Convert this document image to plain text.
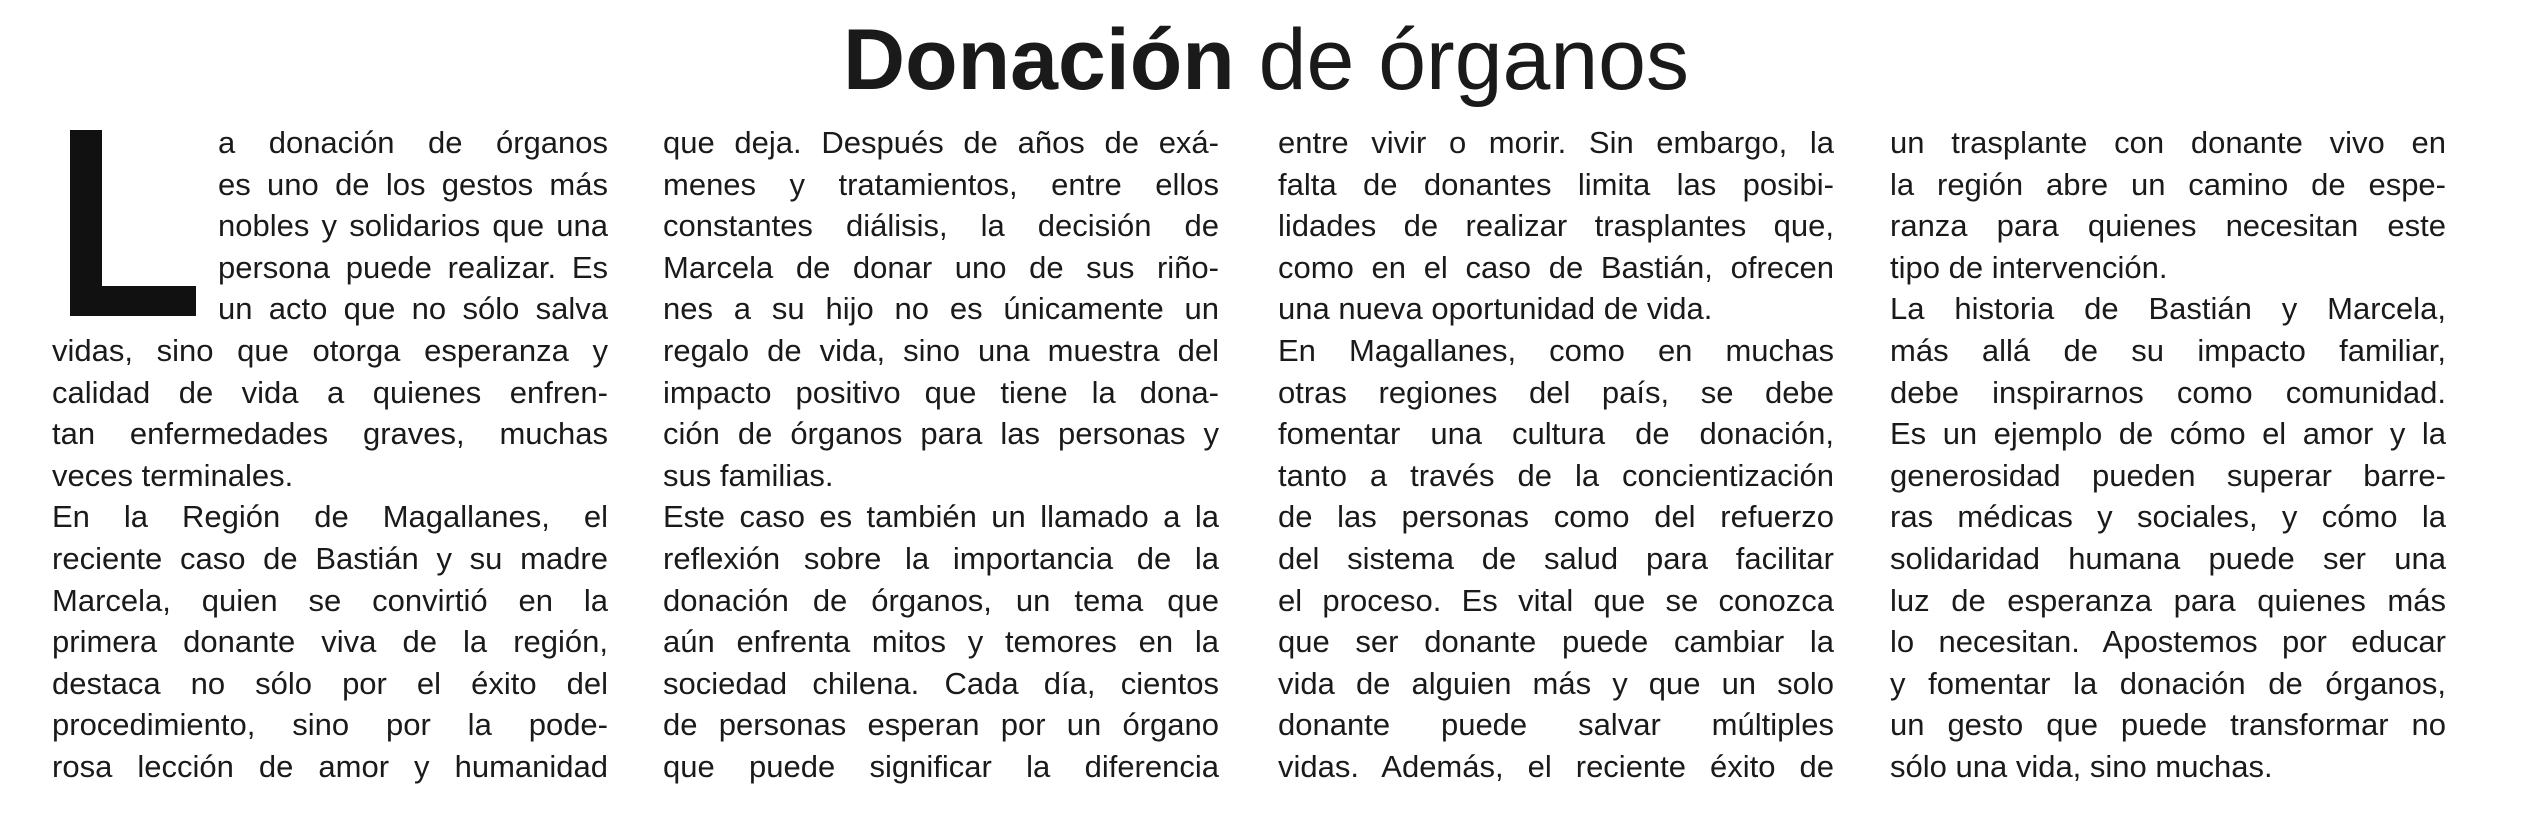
Donación de órganos
a donación de órganos
es uno de los gestos más
nobles y solidarios que una
persona puede realizar. Es
un acto que no sólo salva
vidas, sino que otorga esperanza y
calidad de vida a quienes enfren-
tan enfermedades graves, muchas
veces terminales.
En la Región de Magallanes, el
reciente caso de Bastián y su madre
Marcela, quien se convirtió en la
primera donante viva de la región,
destaca no sólo por el éxito del
procedimiento, sino por la pode-
rosa lección de amor y humanidad
que deja. Después de años de exá-
menes y tratamientos, entre ellos
constantes diálisis, la decisión de
Marcela de donar uno de sus riño-
nes a su hijo no es únicamente un
regalo de vida, sino una muestra del
impacto positivo que tiene la dona-
ción de órganos para las personas y
sus familias.
Este caso es también un llamado a la
reflexión sobre la importancia de la
donación de órganos, un tema que
aún enfrenta mitos y temores en la
sociedad chilena. Cada día, cientos
de personas esperan por un órgano
que puede significar la diferencia
entre vivir o morir. Sin embargo, la
falta de donantes limita las posibi-
lidades de realizar trasplantes que,
como en el caso de Bastián, ofrecen
una nueva oportunidad de vida.
En Magallanes, como en muchas
otras regiones del país, se debe
fomentar una cultura de donación,
tanto a través de la concientización
de las personas como del refuerzo
del sistema de salud para facilitar
el proceso. Es vital que se conozca
que ser donante puede cambiar la
vida de alguien más y que un solo
donante puede salvar múltiples
vidas. Además, el reciente éxito de
un trasplante con donante vivo en
la región abre un camino de espe-
ranza para quienes necesitan este
tipo de intervención.
La historia de Bastián y Marcela,
más allá de su impacto familiar,
debe inspirarnos como comunidad.
Es un ejemplo de cómo el amor y la
generosidad pueden superar barre-
ras médicas y sociales, y cómo la
solidaridad humana puede ser una
luz de esperanza para quienes más
lo necesitan. Apostemos por educar
y fomentar la donación de órganos,
un gesto que puede transformar no
sólo una vida, sino muchas.
